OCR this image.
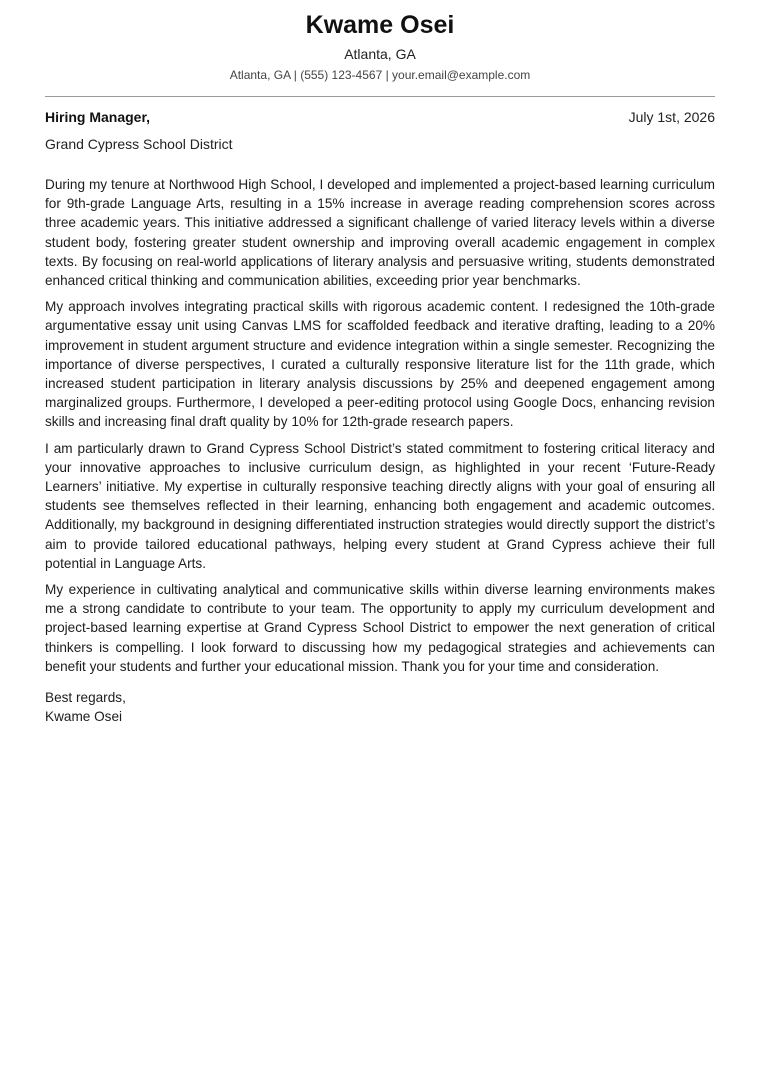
Kwame Osei
Atlanta, GA
Atlanta, GA | (555) 123-4567 | your.email@example.com
Hiring Manager,	July 1st, 2026
Grand Cypress School District

During my tenure at Northwood High School, I developed and implemented a project-based learning curriculum for 9th-grade Language Arts, resulting in a 15% increase in average reading comprehension scores across three academic years. This initiative addressed a significant challenge of varied literacy levels within a diverse student body, fostering greater student ownership and improving overall academic engagement in complex texts. By focusing on real-world applications of literary analysis and persuasive writing, students demonstrated enhanced critical thinking and communication abilities, exceeding prior year benchmarks.

My approach involves integrating practical skills with rigorous academic content. I redesigned the 10th-grade argumentative essay unit using Canvas LMS for scaffolded feedback and iterative drafting, leading to a 20% improvement in student argument structure and evidence integration within a single semester. Recognizing the importance of diverse perspectives, I curated a culturally responsive literature list for the 11th grade, which increased student participation in literary analysis discussions by 25% and deepened engagement among marginalized groups. Furthermore, I developed a peer-editing protocol using Google Docs, enhancing revision skills and increasing final draft quality by 10% for 12th-grade research papers.

I am particularly drawn to Grand Cypress School District’s stated commitment to fostering critical literacy and your innovative approaches to inclusive curriculum design, as highlighted in your recent ‘Future-Ready Learners’ initiative. My expertise in culturally responsive teaching directly aligns with your goal of ensuring all students see themselves reflected in their learning, enhancing both engagement and academic outcomes. Additionally, my background in designing differentiated instruction strategies would directly support the district’s aim to provide tailored educational pathways, helping every student at Grand Cypress achieve their full potential in Language Arts.

My experience in cultivating analytical and communicative skills within diverse learning environments makes me a strong candidate to contribute to your team. The opportunity to apply my curriculum development and project-based learning expertise at Grand Cypress School District to empower the next generation of critical thinkers is compelling. I look forward to discussing how my pedagogical strategies and achievements can benefit your students and further your educational mission. Thank you for your time and consideration.

Best regards,
Kwame Osei
